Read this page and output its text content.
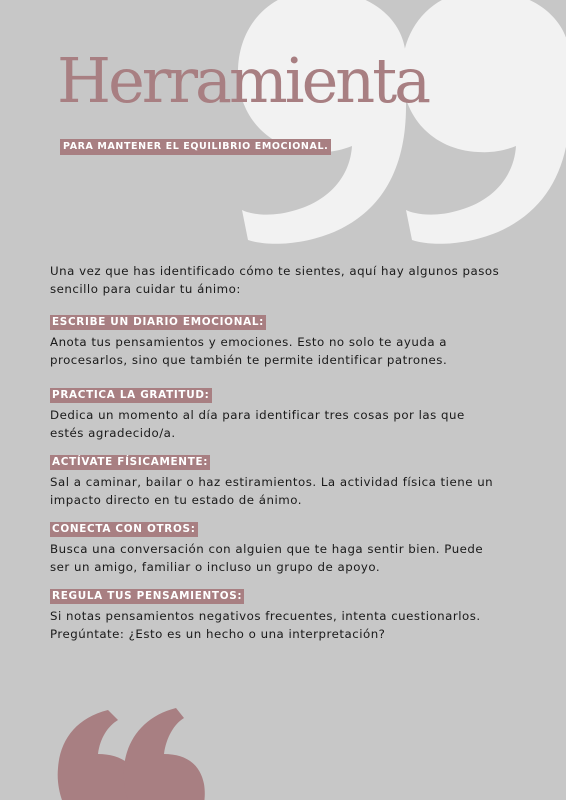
Herramienta
PARA MANTENER EL EQUILIBRIO EMOCIONAL.

Una vez que has identificado cómo te sientes, aquí hay algunos pasos sencillo para cuidar tu ánimo:

ESCRIBE UN DIARIO EMOCIONAL:

Anota tus pensamientos y emociones. Esto no solo te ayuda a procesarlos, sino que también te permite identificar patrones.

PRACTICA LA GRATITUD:

Dedica un momento al día para identificar tres cosas por las que estés agradecido/a.

ACTÍVATE FÍSICAMENTE:

Sal a caminar, bailar o haz estiramientos. La actividad física tiene un impacto directo en tu estado de ánimo.

CONECTA CON OTROS:

Busca una conversación con alguien que te haga sentir bien. Puede ser un amigo, familiar o incluso un grupo de apoyo.

REGULA TUS PENSAMIENTOS:

Si notas pensamientos negativos frecuentes, intenta cuestionarlos. Pregúntate: ¿Esto es un hecho o una interpretación?
